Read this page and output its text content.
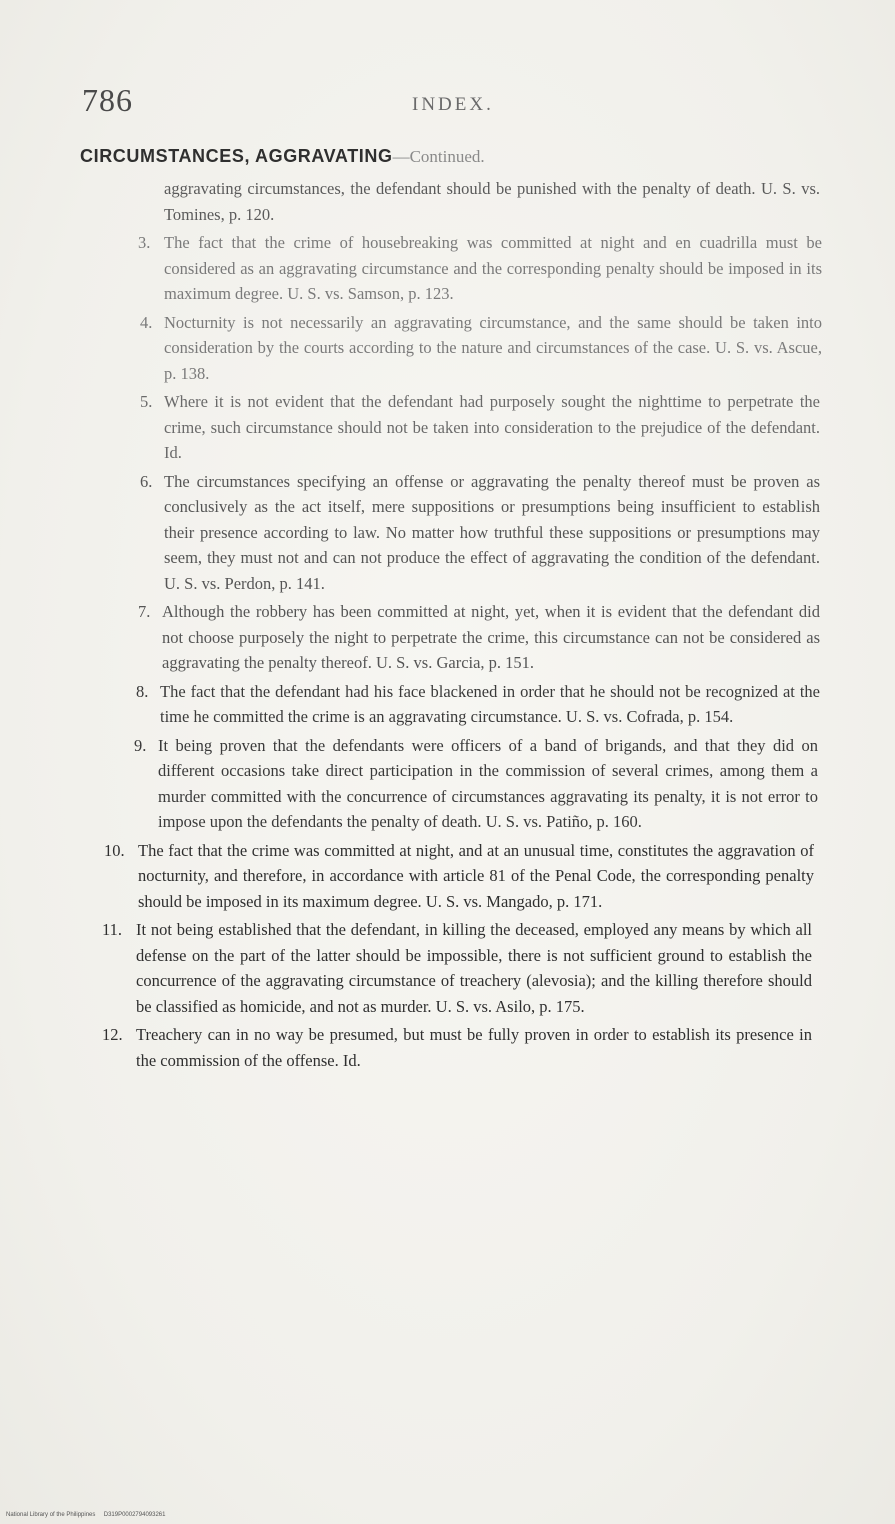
786	INDEX.
CIRCUMSTANCES, AGGRAVATING—Continued.

aggravating circumstances, the defendant should be punished with the penalty of death. U. S. vs. Tomines, p. 120.

3. The fact that the crime of housebreaking was committed at night and en cuadrilla must be considered as an aggravating circumstance and the corresponding penalty should be imposed in its maximum degree. U. S. vs. Samson, p. 123.
4. Nocturnity is not necessarily an aggravating circumstance, and the same should be taken into consideration by the courts according to the nature and circumstances of the case. U. S. vs. Ascue, p. 138.
5. Where it is not evident that the defendant had purposely sought the nighttime to perpetrate the crime, such circumstance should not be taken into consideration to the prejudice of the defendant. Id.
6. The circumstances specifying an offense or aggravating the penalty thereof must be proven as conclusively as the act itself, mere suppositions or presumptions being insufficient to establish their presence according to law. No matter how truthful these suppositions or presumptions may seem, they must not and can not produce the effect of aggravating the condition of the defendant. U. S. vs. Perdon, p. 141.
7. Although the robbery has been committed at night, yet, when it is evident that the defendant did not choose purposely the night to perpetrate the crime, this circumstance can not be considered as aggravating the penalty thereof. U. S. vs. Garcia, p. 151.
8. The fact that the defendant had his face blackened in order that he should not be recognized at the time he committed the crime is an aggravating circumstance. U. S. vs. Cofrada, p. 154.
9. It being proven that the defendants were officers of a band of brigands, and that they did on different occasions take direct participation in the commission of several crimes, among them a murder committed with the concurrence of circumstances aggravating its penalty, it is not error to impose upon the defendants the penalty of death. U. S. vs. Patiño, p. 160.
10. The fact that the crime was committed at night, and at an unusual time, constitutes the aggravation of nocturnity, and therefore, in accordance with article 81 of the Penal Code, the corresponding penalty should be imposed in its maximum degree. U. S. vs. Mangado, p. 171.
11. It not being established that the defendant, in killing the deceased, employed any means by which all defense on the part of the latter should be impossible, there is not sufficient ground to establish the concurrence of the aggravating circumstance of treachery (alevosia); and the killing therefore should be classified as homicide, and not as murder. U. S. vs. Asilo, p. 175.
12. Treachery can in no way be presumed, but must be fully proven in order to establish its presence in the commission of the offense. Id.
National Library of the Philippines D319P0002794093261
